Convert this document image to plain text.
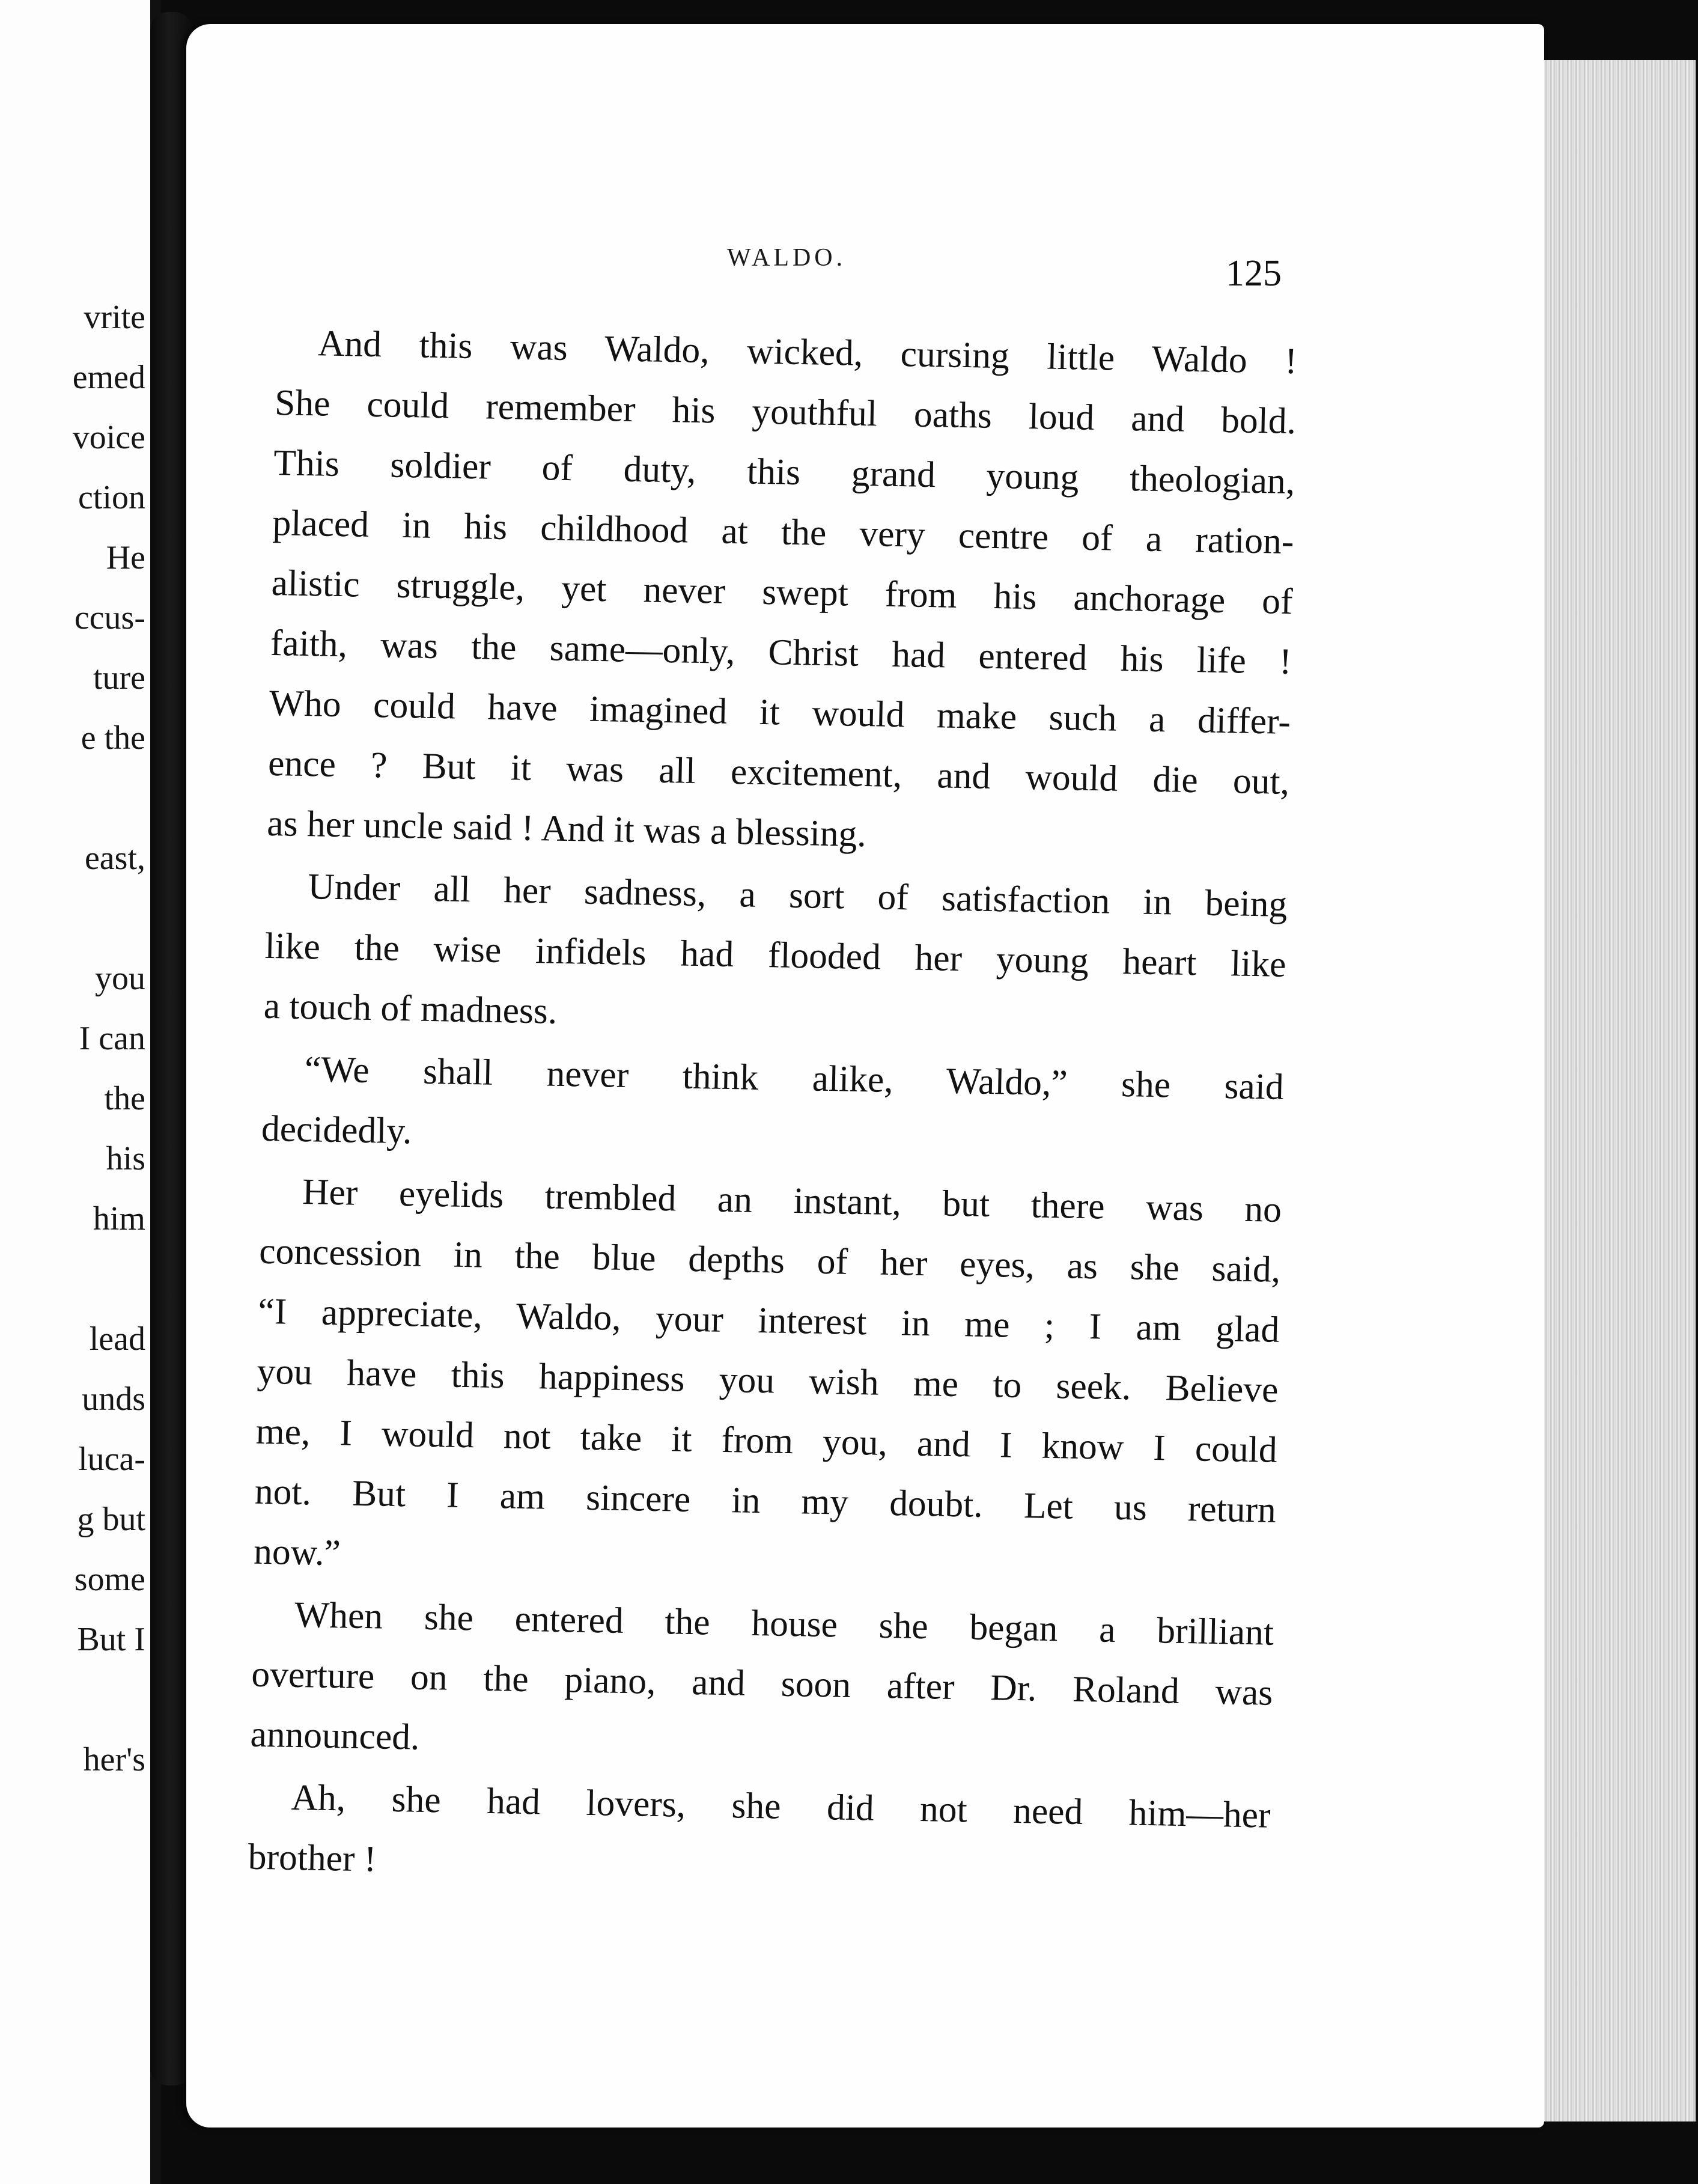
vrite
emed
voice
ction
He
ccus-
ture
e the
east,
you
I can
the
his
him
lead
unds
luca-
g but
some
But I
her's
WALDO.	125
And this was Waldo, wicked, cursing little Waldo !
She could remember his youthful oaths loud and bold.
This soldier of duty, this grand young theologian,
placed in his childhood at the very centre of a ration-
alistic struggle, yet never swept from his anchorage of
faith, was the same—only, Christ had entered his life !
Who could have imagined it would make such a differ-
ence ? But it was all excitement, and would die out,
as her uncle said ! And it was a blessing.
Under all her sadness, a sort of satisfaction in being
like the wise infidels had flooded her young heart like
a touch of madness.
“We shall never think alike, Waldo,” she said
decidedly.
Her eyelids trembled an instant, but there was no
concession in the blue depths of her eyes, as she said,
“I appreciate, Waldo, your interest in me ; I am glad
you have this happiness you wish me to seek. Believe
me, I would not take it from you, and I know I could
not. But I am sincere in my doubt. Let us return
now.”
When she entered the house she began a brilliant
overture on the piano, and soon after Dr. Roland was
announced.
Ah, she had lovers, she did not need him—her
brother !
